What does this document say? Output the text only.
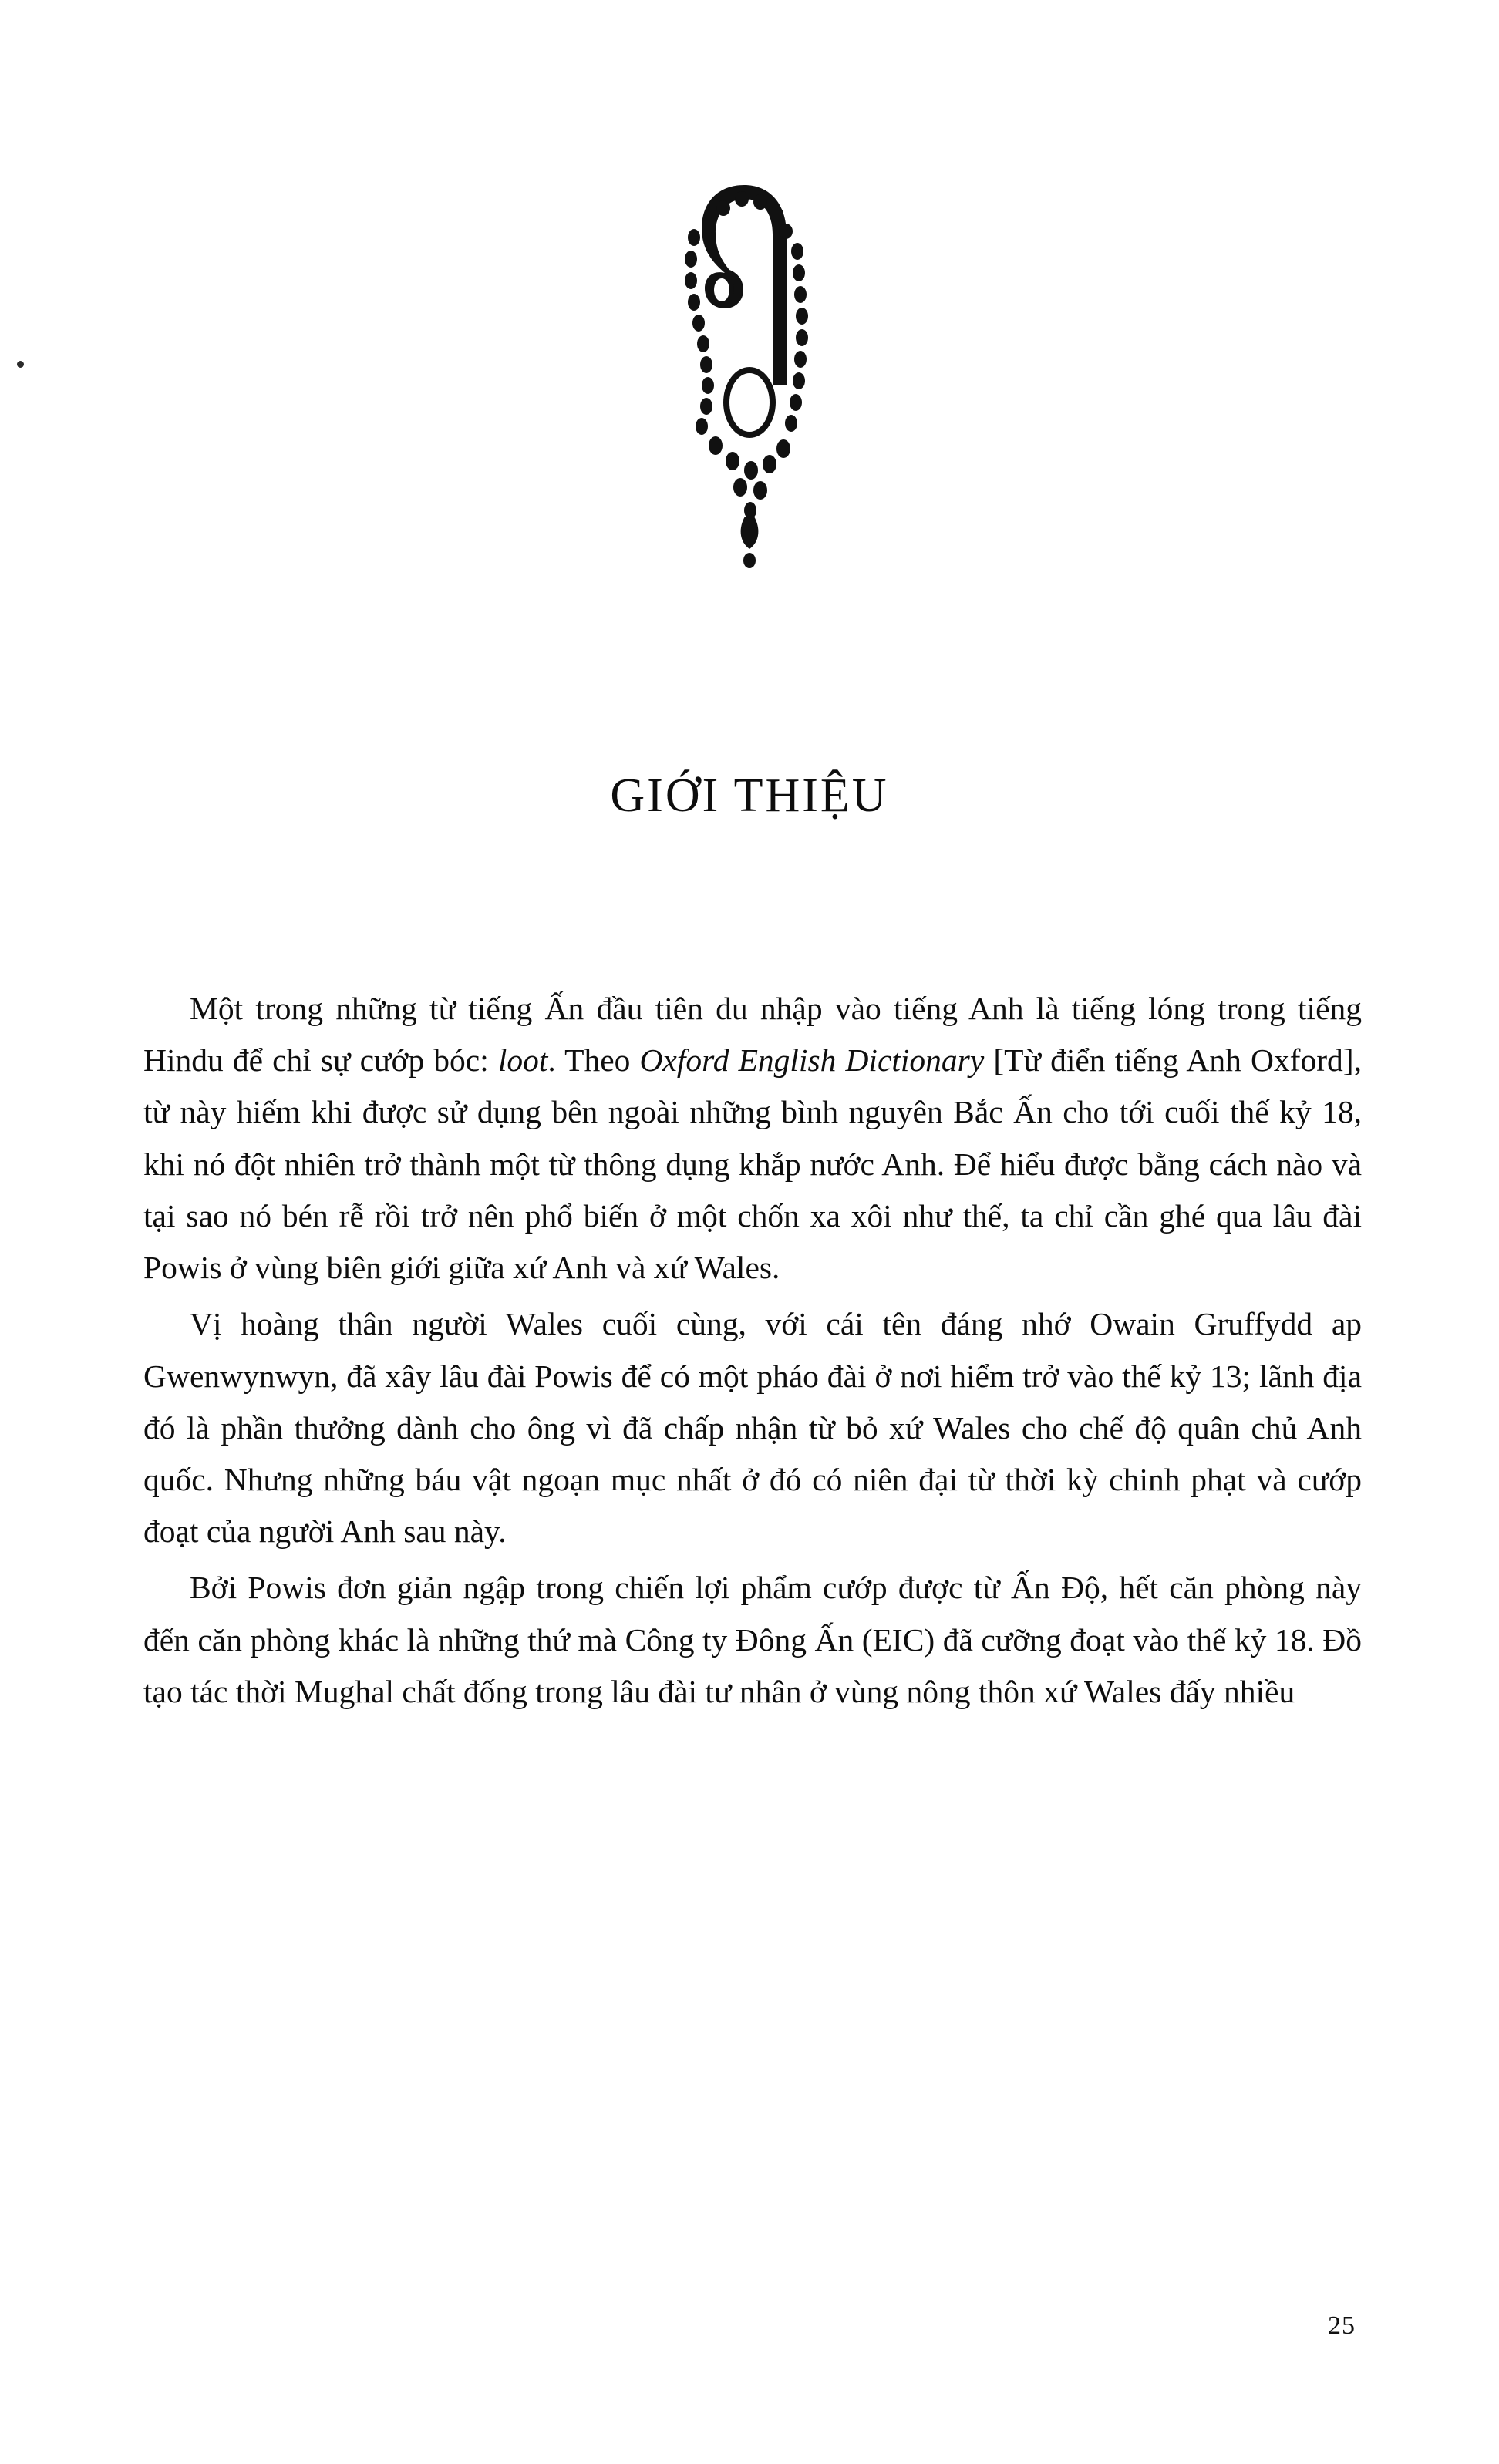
GIỚI THIỆU

Một trong những từ tiếng Ấn đầu tiên du nhập vào tiếng Anh là tiếng lóng trong tiếng Hindu để chỉ sự cướp bóc: loot. Theo Oxford English Dictionary [Từ điển tiếng Anh Oxford], từ này hiếm khi được sử dụng bên ngoài những bình nguyên Bắc Ấn cho tới cuối thế kỷ 18, khi nó đột nhiên trở thành một từ thông dụng khắp nước Anh. Để hiểu được bằng cách nào và tại sao nó bén rễ rồi trở nên phổ biến ở một chốn xa xôi như thế, ta chỉ cần ghé qua lâu đài Powis ở vùng biên giới giữa xứ Anh và xứ Wales.

Vị hoàng thân người Wales cuối cùng, với cái tên đáng nhớ Owain Gruffydd ap Gwenwynwyn, đã xây lâu đài Powis để có một pháo đài ở nơi hiểm trở vào thế kỷ 13; lãnh địa đó là phần thưởng dành cho ông vì đã chấp nhận từ bỏ xứ Wales cho chế độ quân chủ Anh quốc. Nhưng những báu vật ngoạn mục nhất ở đó có niên đại từ thời kỳ chinh phạt và cướp đoạt của người Anh sau này.

Bởi Powis đơn giản ngập trong chiến lợi phẩm cướp được từ Ấn Độ, hết căn phòng này đến căn phòng khác là những thứ mà Công ty Đông Ấn (EIC) đã cưỡng đoạt vào thế kỷ 18. Đồ tạo tác thời Mughal chất đống trong lâu đài tư nhân ở vùng nông thôn xứ Wales đấy nhiều

25
